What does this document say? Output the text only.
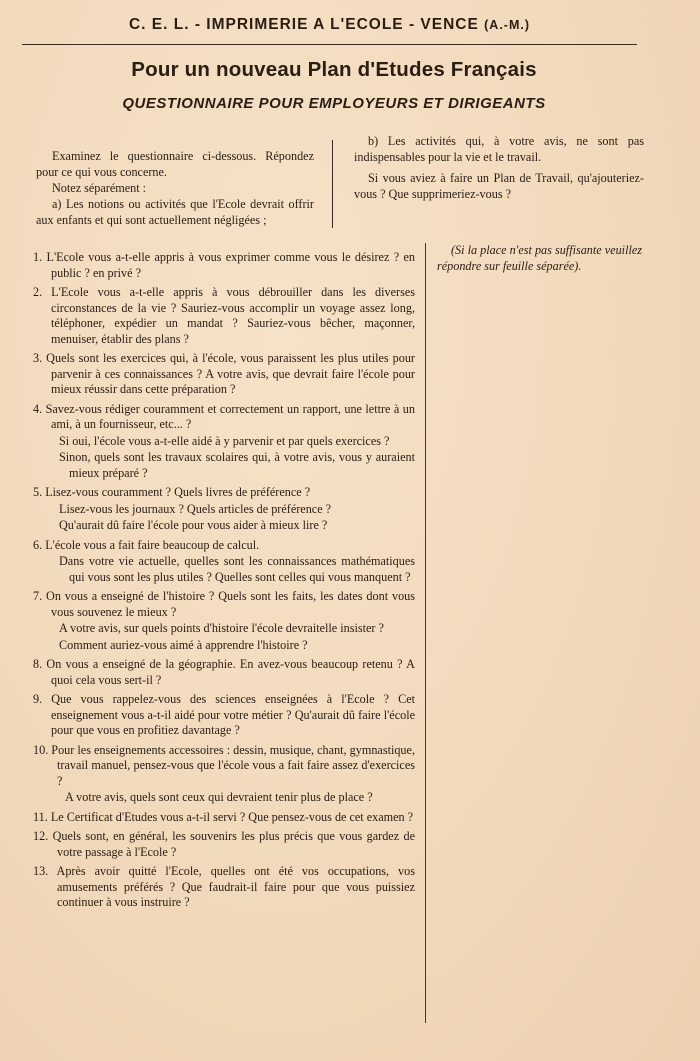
C. E. L. - IMPRIMERIE A L'ECOLE - VENCE (A.-M.)
Pour un nouveau Plan d'Etudes Français
QUESTIONNAIRE POUR EMPLOYEURS ET DIRIGEANTS

Examinez le questionnaire ci-dessous. Répondez pour ce qui vous concerne.

Notez séparément :

a) Les notions ou activités que l'Ecole devrait offrir aux enfants et qui sont actuellement négligées ;

b) Les activités qui, à votre avis, ne sont pas indispensables pour la vie et le travail.

Si vous aviez à faire un Plan de Travail, qu'ajouteriez-vous ? Que supprimeriez-vous ?

(Si la place n'est pas suffisante veuillez répondre sur feuille séparée).
1. L'Ecole vous a-t-elle appris à vous exprimer comme vous le désirez ? en public ? en privé ?
2. L'Ecole vous a-t-elle appris à vous débrouiller dans les diverses circonstances de la vie ? Sauriez-vous accomplir un voyage assez long, téléphoner, expédier un mandat ? Sauriez-vous bêcher, maçonner, menuiser, établir des plans ?
3. Quels sont les exercices qui, à l'école, vous paraissent les plus utiles pour parvenir à ces connaissances ? A votre avis, que devrait faire l'école pour mieux réussir dans cette préparation ?
4. Savez-vous rédiger couramment et correctement un rapport, une lettre à un ami, à un fournisseur, etc... ?
Si oui, l'école vous a-t-elle aidé à y parvenir et par quels exercices ?
Sinon, quels sont les travaux scolaires qui, à votre avis, vous y auraient mieux préparé ?
5. Lisez-vous couramment ? Quels livres de préférence ?
Lisez-vous les journaux ? Quels articles de préférence ?
Qu'aurait dû faire l'école pour vous aider à mieux lire ?
6. L'école vous a fait faire beaucoup de calcul.
Dans votre vie actuelle, quelles sont les connaissances mathématiques qui vous sont les plus utiles ? Quelles sont celles qui vous manquent ?
7. On vous a enseigné de l'histoire ? Quels sont les faits, les dates dont vous vous souvenez le mieux ?
A votre avis, sur quels points d'histoire l'école devraitelle insister ?
Comment auriez-vous aimé à apprendre l'histoire ?
8. On vous a enseigné de la géographie. En avez-vous beaucoup retenu ? A quoi cela vous sert-il ?
9. Que vous rappelez-vous des sciences enseignées à l'Ecole ? Cet enseignement vous a-t-il aidé pour votre métier ? Qu'aurait dû faire l'école pour que vous en profitiez davantage ?
10. Pour les enseignements accessoires : dessin, musique, chant, gymnastique, travail manuel, pensez-vous que l'école vous a fait faire assez d'exercices ?
A votre avis, quels sont ceux qui devraient tenir plus de place ?
11. Le Certificat d'Etudes vous a-t-il servi ? Que pensez-vous de cet examen ?
12. Quels sont, en général, les souvenirs les plus précis que vous gardez de votre passage à l'Ecole ?
13. Après avoir quitté l'Ecole, quelles ont été vos occupations, vos amusements préférés ? Que faudrait-il faire pour que vous puissiez continuer à vous instruire ?
